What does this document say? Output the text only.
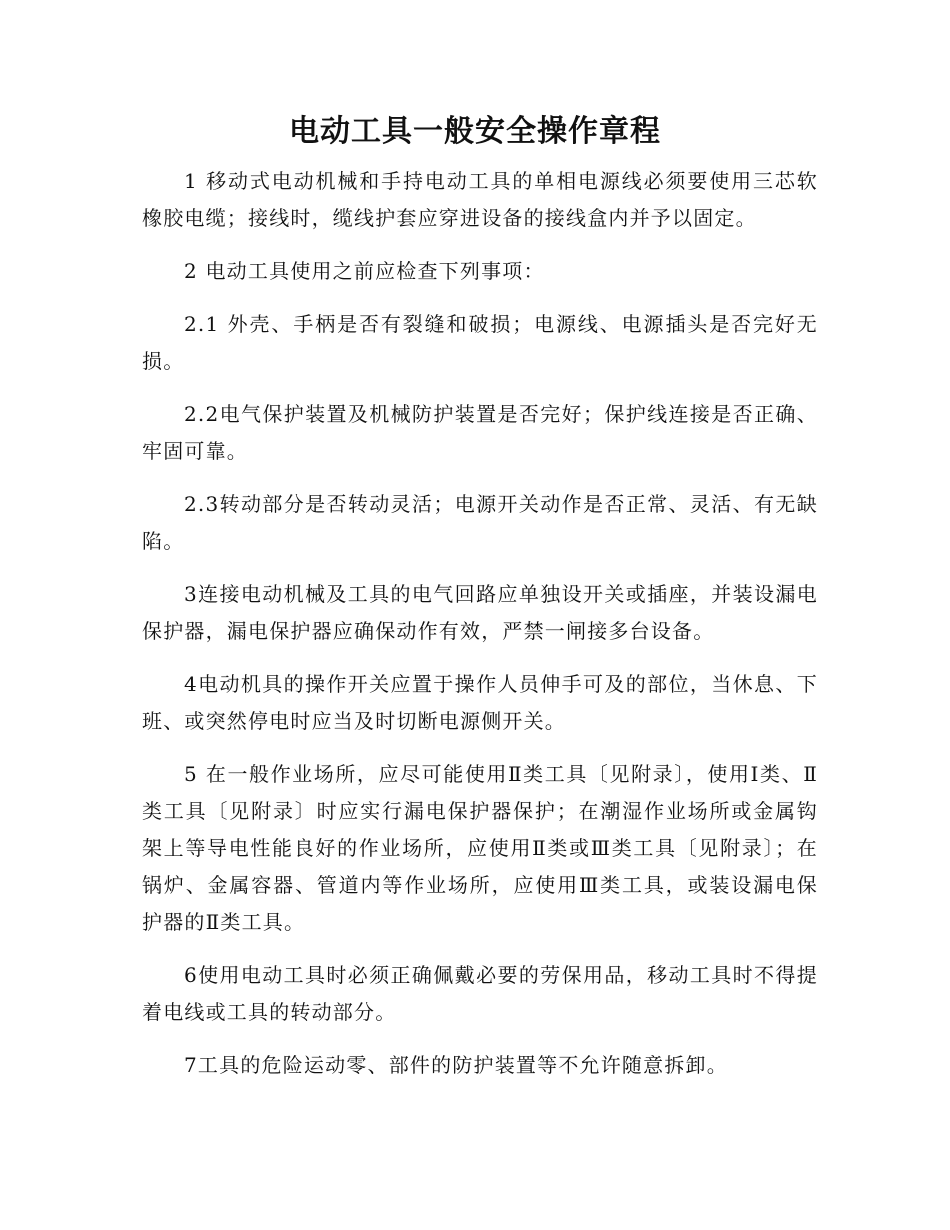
电动工具一般安全操作章程

1 移动式电动机械和手持电动工具的单相电源线必须要使用三芯软橡胶电缆；接线时，缆线护套应穿进设备的接线盒内并予以固定。

2 电动工具使用之前应检查下列事项：

2.1 外壳、手柄是否有裂缝和破损；电源线、电源插头是否完好无损。

2.2电气保护装置及机械防护装置是否完好；保护线连接是否正确、牢固可靠。

2.3转动部分是否转动灵活；电源开关动作是否正常、灵活、有无缺陷。

3连接电动机械及工具的电气回路应单独设开关或插座，并装设漏电保护器，漏电保护器应确保动作有效，严禁一闸接多台设备。

4电动机具的操作开关应置于操作人员伸手可及的部位，当休息、下班、或突然停电时应当及时切断电源侧开关。

5 在一般作业场所，应尽可能使用Ⅱ类工具〔见附录〕，使用Ⅰ类、Ⅱ类工具〔见附录〕时应实行漏电保护器保护；在潮湿作业场所或金属钩架上等导电性能良好的作业场所，应使用Ⅱ类或Ⅲ类工具〔见附录〕；在锅炉、金属容器、管道内等作业场所，应使用Ⅲ类工具，或装设漏电保护器的Ⅱ类工具。

6使用电动工具时必须正确佩戴必要的劳保用品，移动工具时不得提着电线或工具的转动部分。

7工具的危险运动零、部件的防护装置等不允许随意拆卸。
